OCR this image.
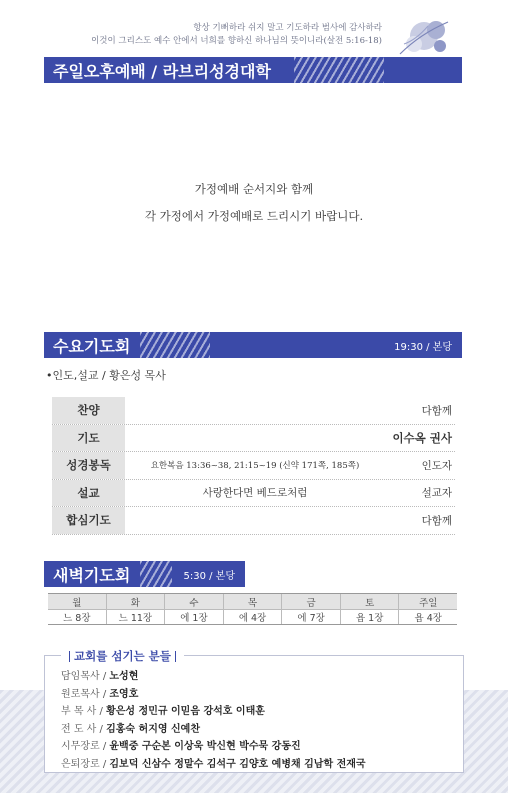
항상 기뻐하라 쉬지 말고 기도하라 범사에 감사하라
이것이 그리스도 예수 안에서 너희를 향하신 하나님의 뜻이니라(살전 5:16-18)
주일오후예배 / 라브리성경대학
가정예배 순서지와 함께
각 가정에서 가정예배로 드리시기 바랍니다.
수요기도회	19:30 / 본당
•인도,설교 / 황은성 목사
찬양	다함께
기도	이수옥 권사
성경봉독	요한복음 13:36~38, 21:15~19 (신약 171쪽, 185쪽)	인도자
설교	사랑한다면 베드로처럼	설교자
합심기도	다함께
새벽기도회	5:30 / 본당
월	화	수	목	금	토	주일
느 8장	느 11장	에 1장	에 4장	에 7장	욥 1장	욥 4장
교회를 섬기는 분들
담임목사 / 노성현
원로목사 / 조영호
부 목 사 / 황은성 정민규 이믿음 강석호 이태훈
전 도 사 / 김홍숙 허지영 신예찬
시무장로 / 윤백중 구순본 이상욱 박신현 박수묵 강동진
은퇴장로 / 김보덕 신삼수 정말수 김석구 김양호 예병채 김남학 전재국
